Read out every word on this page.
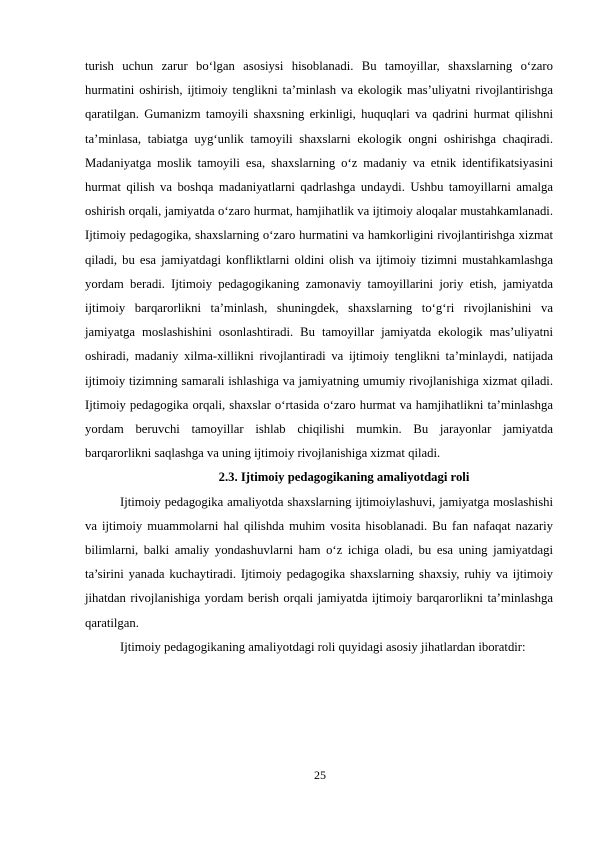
turish uchun zarur bo‘lgan asosiysi hisoblanadi. Bu tamoyillar, shaxslarning o‘zaro hurmatini oshirish, ijtimoiy tenglikni ta’minlash va ekologik mas’uliyatni rivojlantirishga qaratilgan. Gumanizm tamoyili shaxsning erkinligi, huquqlari va qadrini hurmat qilishni ta’minlasa, tabiatga uyg‘unlik tamoyili shaxslarni ekologik ongni oshirishga chaqiradi. Madaniyatga moslik tamoyili esa, shaxslarning o‘z madaniy va etnik identifikatsiyasini hurmat qilish va boshqa madaniyatlarni qadrlashga undaydi. Ushbu tamoyillarni amalga oshirish orqali, jamiyatda o‘zaro hurmat, hamjihatlik va ijtimoiy aloqalar mustahkamlanadi. Ijtimoiy pedagogika, shaxslarning o‘zaro hurmatini va hamkorligini rivojlantirishga xizmat qiladi, bu esa jamiyatdagi konfliktlarni oldini olish va ijtimoiy tizimni mustahkamlashga yordam beradi. Ijtimoiy pedagogikaning zamonaviy tamoyillarini joriy etish, jamiyatda ijtimoiy barqarorlikni ta’minlash, shuningdek, shaxslarning to‘g‘ri rivojlanishini va jamiyatga moslashishini osonlashtiradi. Bu tamoyillar jamiyatda ekologik mas’uliyatni oshiradi, madaniy xilma-xillikni rivojlantiradi va ijtimoiy tenglikni ta’minlaydi, natijada ijtimoiy tizimning samarali ishlashiga va jamiyatning umumiy rivojlanishiga xizmat qiladi. Ijtimoiy pedagogika orqali, shaxslar o‘rtasida o‘zaro hurmat va hamjihatlikni ta’minlashga yordam beruvchi tamoyillar ishlab chiqilishi mumkin. Bu jarayonlar jamiyatda barqarorlikni saqlashga va uning ijtimoiy rivojlanishiga xizmat qiladi.

2.3. Ijtimoiy pedagogikaning amaliyotdagi roli

Ijtimoiy pedagogika amaliyotda shaxslarning ijtimoiylashuvi, jamiyatga moslashishi va ijtimoiy muammolarni hal qilishda muhim vosita hisoblanadi. Bu fan nafaqat nazariy bilimlarni, balki amaliy yondashuvlarni ham o‘z ichiga oladi, bu esa uning jamiyatdagi ta’sirini yanada kuchaytiradi. Ijtimoiy pedagogika shaxslarning shaxsiy, ruhiy va ijtimoiy jihatdan rivojlanishiga yordam berish orqali jamiyatda ijtimoiy barqarorlikni ta’minlashga qaratilgan.

Ijtimoiy pedagogikaning amaliyotdagi roli quyidagi asosiy jihatlardan iboratdir:

25
